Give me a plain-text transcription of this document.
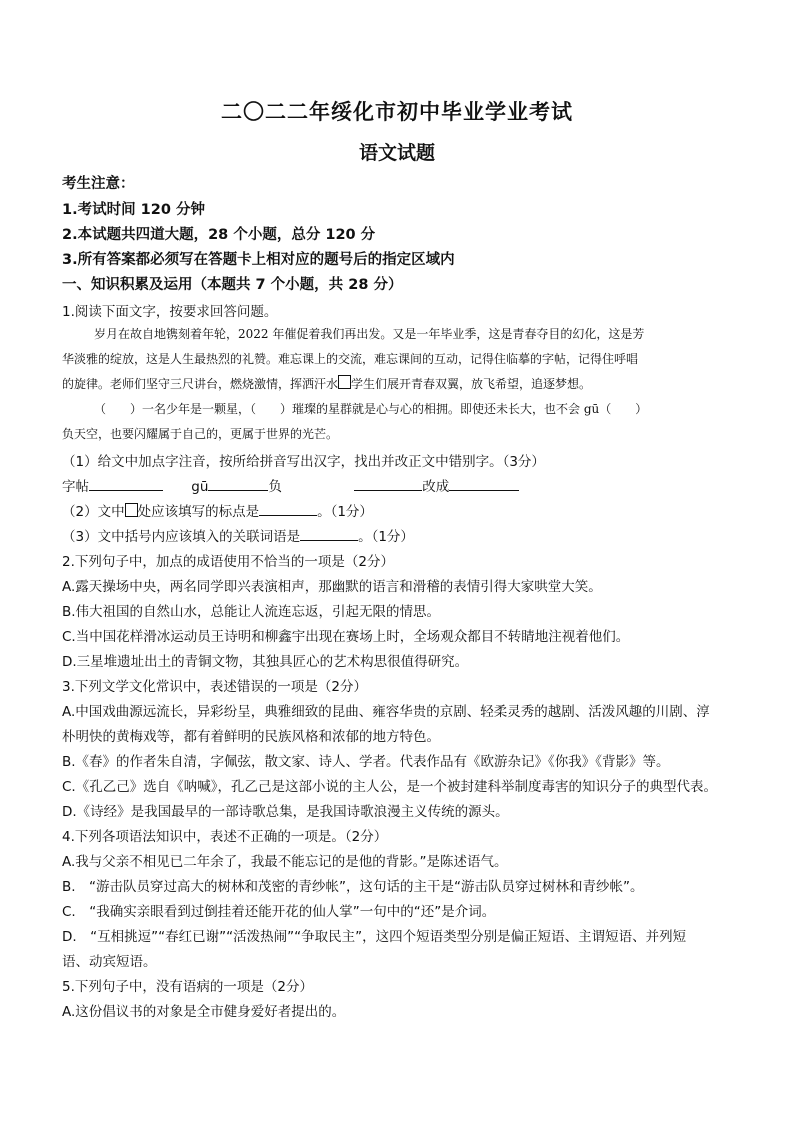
二〇二二年绥化市初中毕业学业考试
语文试题
考生注意：
1.考试时间 120 分钟
2.本试题共四道大题，28 个小题，总分 120 分
3.所有答案都必须写在答题卡上相对应的题号后的指定区域内
一、知识积累及运用（本题共 7 个小题，共 28 分）
1.阅读下面文字，按要求回答问题。
岁月在故自地镌刻着年轮，2022 年催促着我们再出发。又是一年毕业季，这是青春夺目的幻化，这是芳
华淡雅的绽放，这是人生最热烈的礼赞。难忘课上的交流，难忘课间的互动，记得住临摹的字帖，记得住呼唱
的旋律。老师们坚守三尺讲台，燃烧激情，挥洒汗水 学生们展开青春双翼，放飞希望，追逐梦想。
（　　）一名少年是一颗星，（　　）璀璨的星群就是心与心的相拥。即使还未长大，也不会 gū（　　）
负天空，也要闪耀属于自己的，更属于世界的光芒。
（1）给文中加点字注音，按所给拼音写出汉字，找出并改正文中错别字。（3分）
字帖	gū	负	改成
（2）文中 处应该填写的标点是	。（1分）
（3）文中括号内应该填入的关联词语是	。（1分）
2.下列句子中，加点的成语使用不恰当的一项是（2分）
A.露天操场中央，两名同学即兴表演相声，那幽默的语言和滑稽的表情引得大家哄堂大笑。
B.伟大祖国的自然山水，总能让人流连忘返，引起无限的情思。
C.当中国花样滑冰运动员王诗明和柳鑫宇出现在赛场上时，全场观众都目不转睛地注视着他们。
D.三星堆遗址出土的青铜文物，其独具匠心的艺术构思很值得研究。
3.下列文学文化常识中，表述错误的一项是（2分）
A.中国戏曲源远流长，异彩纷呈，典雅细致的昆曲、雍容华贵的京剧、轻柔灵秀的越剧、活泼风趣的川剧、淳
朴明快的黄梅戏等，都有着鲜明的民族风格和浓郁的地方特色。
B.《春》的作者朱自清，字佩弦，散文家、诗人、学者。代表作品有《欧游杂记》《你我》《背影》等。
C.《孔乙己》选自《呐喊》，孔乙己是这部小说的主人公，是一个被封建科举制度毒害的知识分子的典型代表。
D.《诗经》是我国最早的一部诗歌总集，是我国诗歌浪漫主义传统的源头。
4.下列各项语法知识中，表述不正确的一项是。（2分）
A.我与父亲不相见已二年余了，我最不能忘记的是他的背影。”是陈述语气。
B.　“游击队员穿过高大的树林和茂密的青纱帐”，这句话的主干是“游击队员穿过树林和青纱帐”。
C.　“我确实亲眼看到过倒挂着还能开花的仙人掌”一句中的“还”是介词。
D.　“互相挑逗”“春红已谢”“活泼热闹”“争取民主”，这四个短语类型分别是偏正短语、主谓短语、并列短
语、动宾短语。
5.下列句子中，没有语病的一项是（2分）
A.这份倡议书的对象是全市健身爱好者提出的。
